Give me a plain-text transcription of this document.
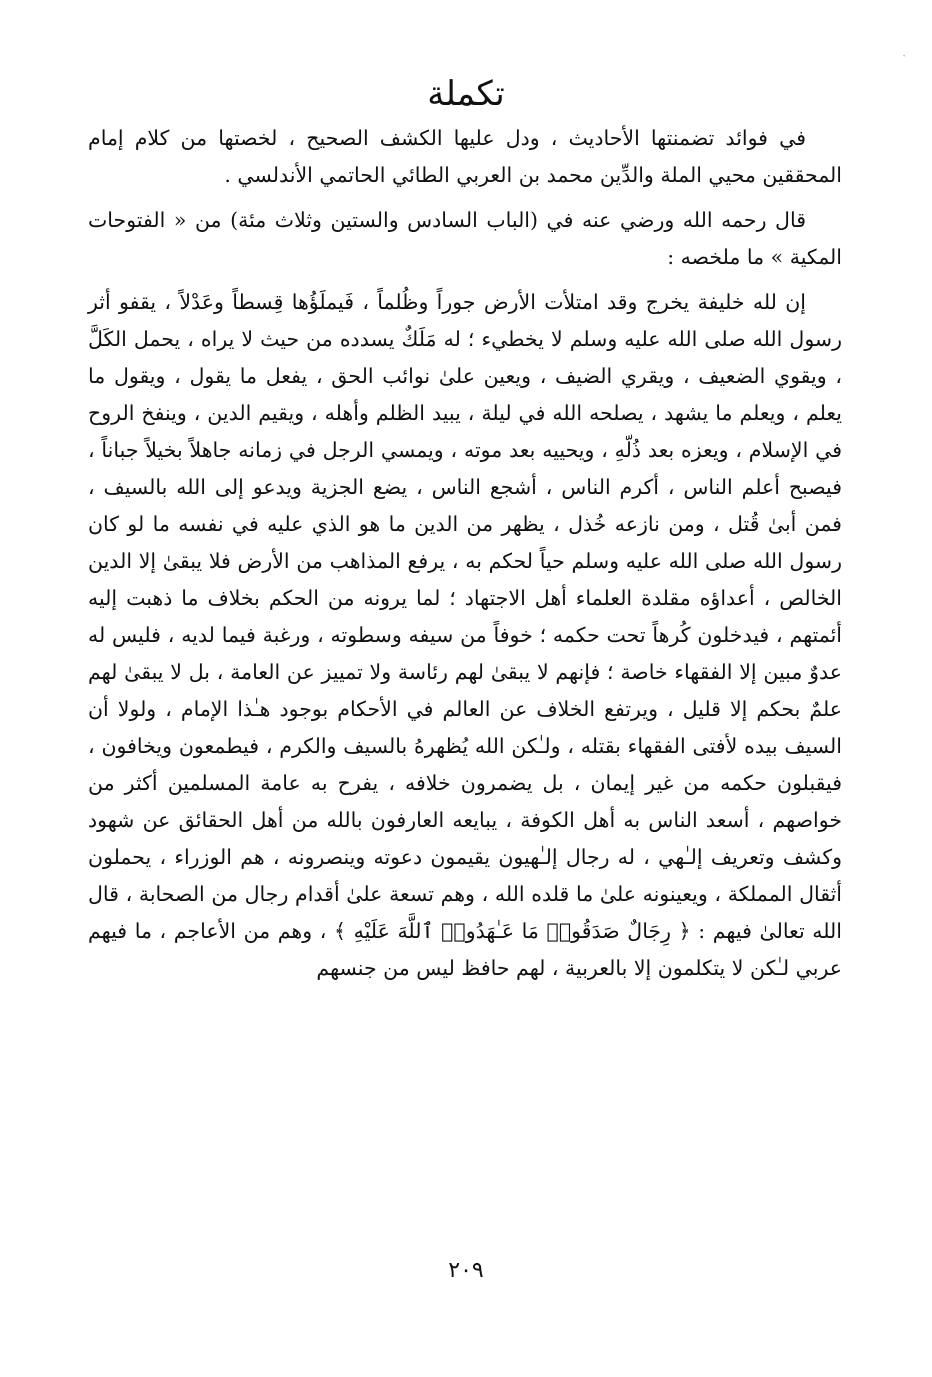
ˎ
تكملة

في فوائد تضمنتها الأحاديث ، ودل عليها الكشف الصحيح ، لخصتها من كلام إمام المحققين محيي الملة والدِّين محمد بن العربي الطائي الحاتمي الأندلسي .

قال رحمه الله ورضي عنه في (الباب السادس والستين وثلاث مئة) من « الفتوحات المكية » ما ملخصه :

إن لله خليفة يخرج وقد امتلأت الأرض جوراً وظُلماً ، فَيملَؤُها قِسطاً وعَدْلاً ، يقفو أثر رسول الله صلى الله عليه وسلم لا يخطيء ؛ له مَلَكٌ يسدده من حيث لا يراه ، يحمل الكَلَّ ، ويقوي الضعيف ، ويقري الضيف ، ويعين علىٰ نوائب الحق ، يفعل ما يقول ، ويقول ما يعلم ، ويعلم ما يشهد ، يصلحه الله في ليلة ، يبيد الظلم وأهله ، ويقيم الدين ، وينفخ الروح في الإسلام ، ويعزه بعد ذُلّهِ ، ويحييه بعد موته ، ويمسي الرجل في زمانه جاهلاً بخيلاً جباناً ، فيصبح أعلم الناس ، أكرم الناس ، أشجع الناس ، يضع الجزية ويدعو إلى الله بالسيف ، فمن أبىٰ قُتل ، ومن نازعه خُذل ، يظهر من الدين ما هو الذي عليه في نفسه ما لو كان رسول الله صلى الله عليه وسلم حياً لحكم به ، يرفع المذاهب من الأرض فلا يبقىٰ إلا الدين الخالص ، أعداؤه مقلدة العلماء أهل الاجتهاد ؛ لما يرونه من الحكم بخلاف ما ذهبت إليه أئمتهم ، فيدخلون كُرهاً تحت حكمه ؛ خوفاً من سيفه وسطوته ، ورغبة فيما لديه ، فليس له عدوٌ مبين إلا الفقهاء خاصة ؛ فإنهم لا يبقىٰ لهم رئاسة ولا تمييز عن العامة ، بل لا يبقىٰ لهم علمٌ بحكم إلا قليل ، ويرتفع الخلاف عن العالم في الأحكام بوجود هـٰذا الإمام ، ولولا أن السيف بيده لأفتى الفقهاء بقتله ، ولـٰكن الله يُظهرهُ بالسيف والكرم ، فيطمعون ويخافون ، فيقبلون حكمه من غير إيمان ، بل يضمرون خلافه ، يفرح به عامة المسلمين أكثر من خواصهم ، أسعد الناس به أهل الكوفة ، يبايعه العارفون بالله من أهل الحقائق عن شهود وكشف وتعريف إلـٰهي ، له رجال إلـٰهيون يقيمون دعوته وينصرونه ، هم الوزراء ، يحملون أثقال المملكة ، ويعينونه علىٰ ما قلده الله ، وهم تسعة علىٰ أقدام رجال من الصحابة ، قال الله تعالىٰ فيهم : ﴿ رِجَالٌ صَدَقُوا۟ مَا عَـٰهَدُوا۟ ٱللَّهَ عَلَيْهِ ﴾ ، وهم من الأعاجم ، ما فيهم عربي لـٰكن لا يتكلمون إلا بالعربية ، لهم حافظ ليس من جنسهم

٢٠٩
